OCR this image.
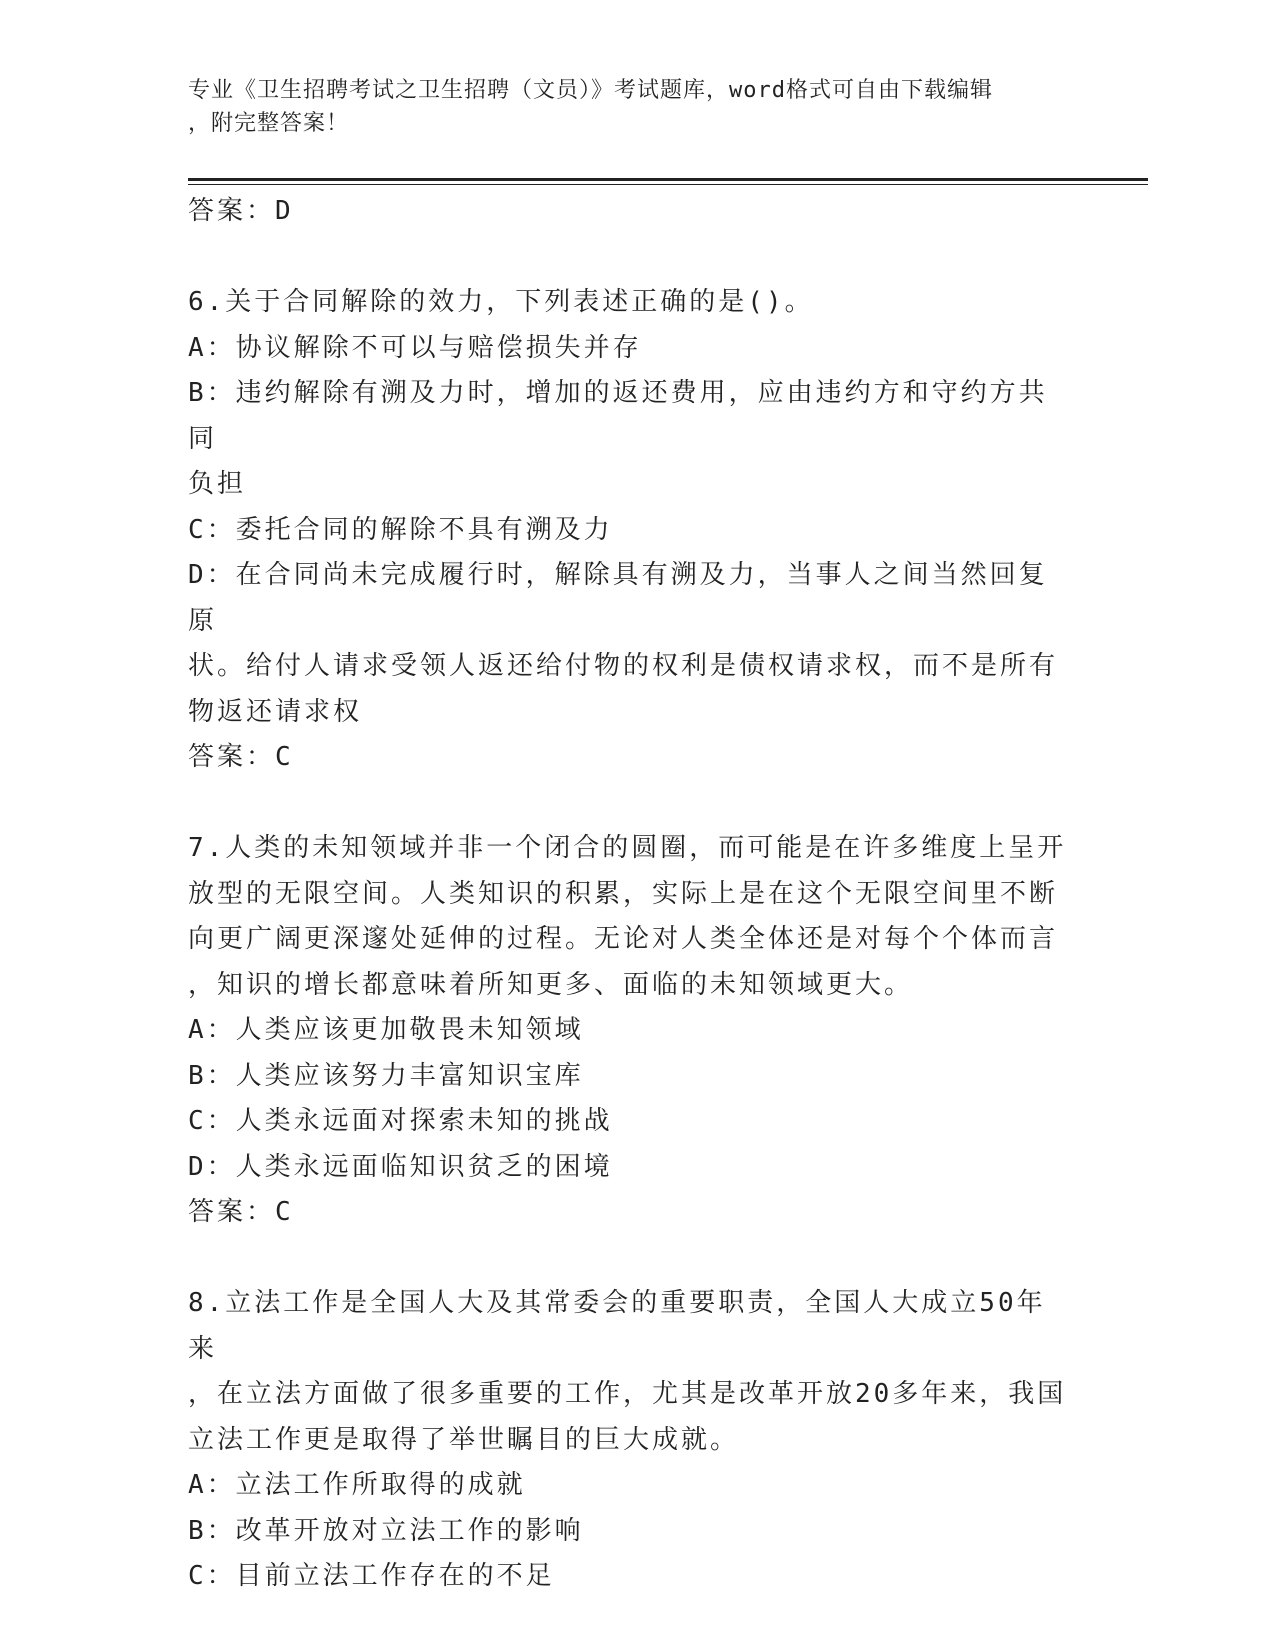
专业《卫生招聘考试之卫生招聘（文员）》考试题库，word格式可自由下载编辑
，附完整答案！
答案：D
6.关于合同解除的效力，下列表述正确的是()。
A：协议解除不可以与赔偿损失并存
B：违约解除有溯及力时，增加的返还费用，应由违约方和守约方共同
负担
C：委托合同的解除不具有溯及力
D：在合同尚未完成履行时，解除具有溯及力，当事人之间当然回复原
状。给付人请求受领人返还给付物的权利是债权请求权，而不是所有
物返还请求权
答案：C
7.人类的未知领域并非一个闭合的圆圈，而可能是在许多维度上呈开
放型的无限空间。人类知识的积累，实际上是在这个无限空间里不断
向更广阔更深邃处延伸的过程。无论对人类全体还是对每个个体而言
，知识的增长都意味着所知更多、面临的未知领域更大。
A：人类应该更加敬畏未知领域
B：人类应该努力丰富知识宝库
C：人类永远面对探索未知的挑战
D：人类永远面临知识贫乏的困境
答案：C
8.立法工作是全国人大及其常委会的重要职责，全国人大成立50年来
，在立法方面做了很多重要的工作，尤其是改革开放20多年来，我国
立法工作更是取得了举世瞩目的巨大成就。
A：立法工作所取得的成就
B：改革开放对立法工作的影响
C：目前立法工作存在的不足
